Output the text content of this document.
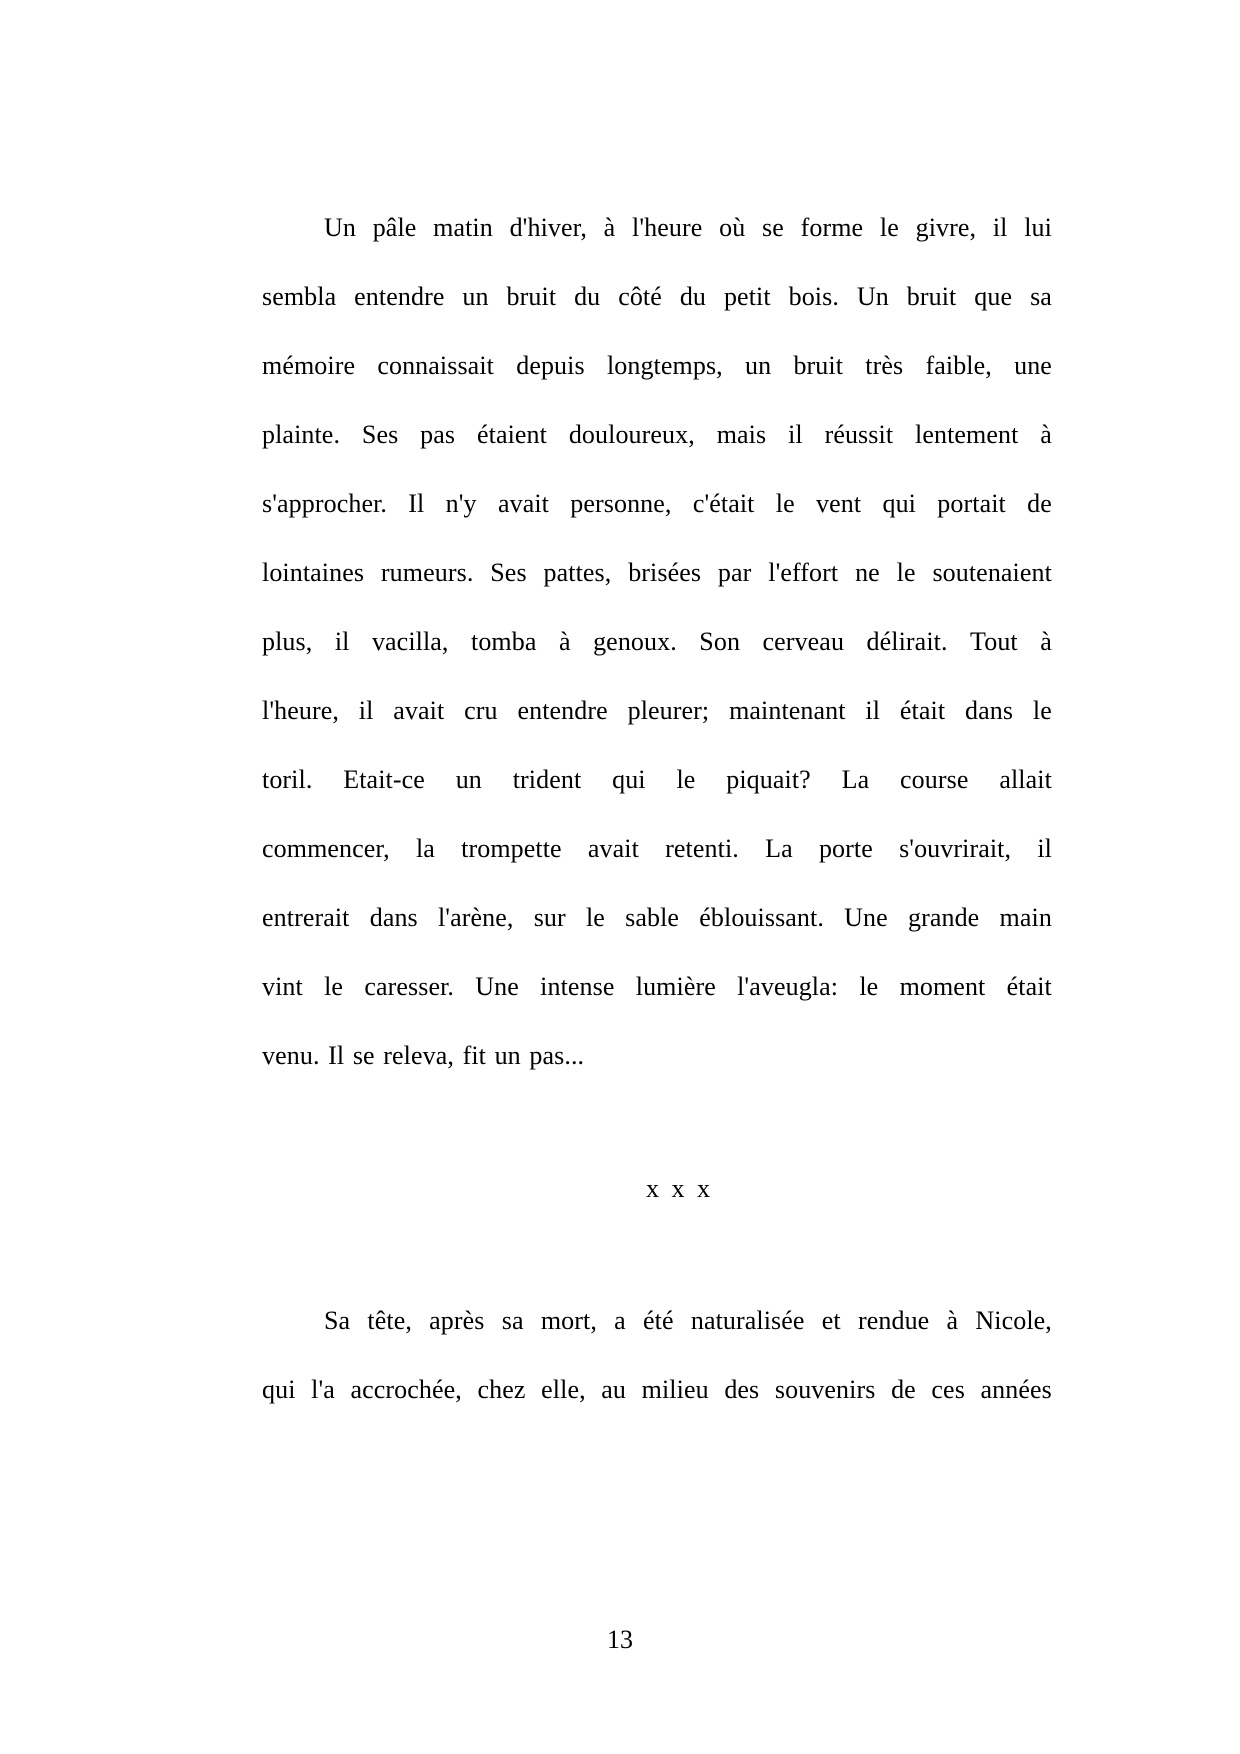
Un pâle matin d'hiver, à l'heure où se forme le givre, il lui
sembla entendre un bruit du côté du petit bois. Un bruit que sa
mémoire connaissait depuis longtemps, un bruit très faible, une
plainte. Ses pas étaient douloureux, mais il réussit lentement à
s'approcher. Il n'y avait personne, c'était le vent qui portait de
lointaines rumeurs. Ses pattes, brisées par l'effort ne le soutenaient
plus, il vacilla, tomba à genoux. Son cerveau délirait. Tout à
l'heure, il avait cru entendre pleurer; maintenant il était dans le
toril. Etait-ce un trident qui le piquait? La course allait
commencer, la trompette avait retenti. La porte s'ouvrirait, il
entrerait dans l'arène, sur le sable éblouissant. Une grande main
vint le caresser. Une intense lumière l'aveugla: le moment était
venu. Il se releva, fit un pas...
x x x
Sa tête, après sa mort, a été naturalisée et rendue à Nicole,
qui l'a accrochée, chez elle, au milieu des souvenirs de ces années
13
